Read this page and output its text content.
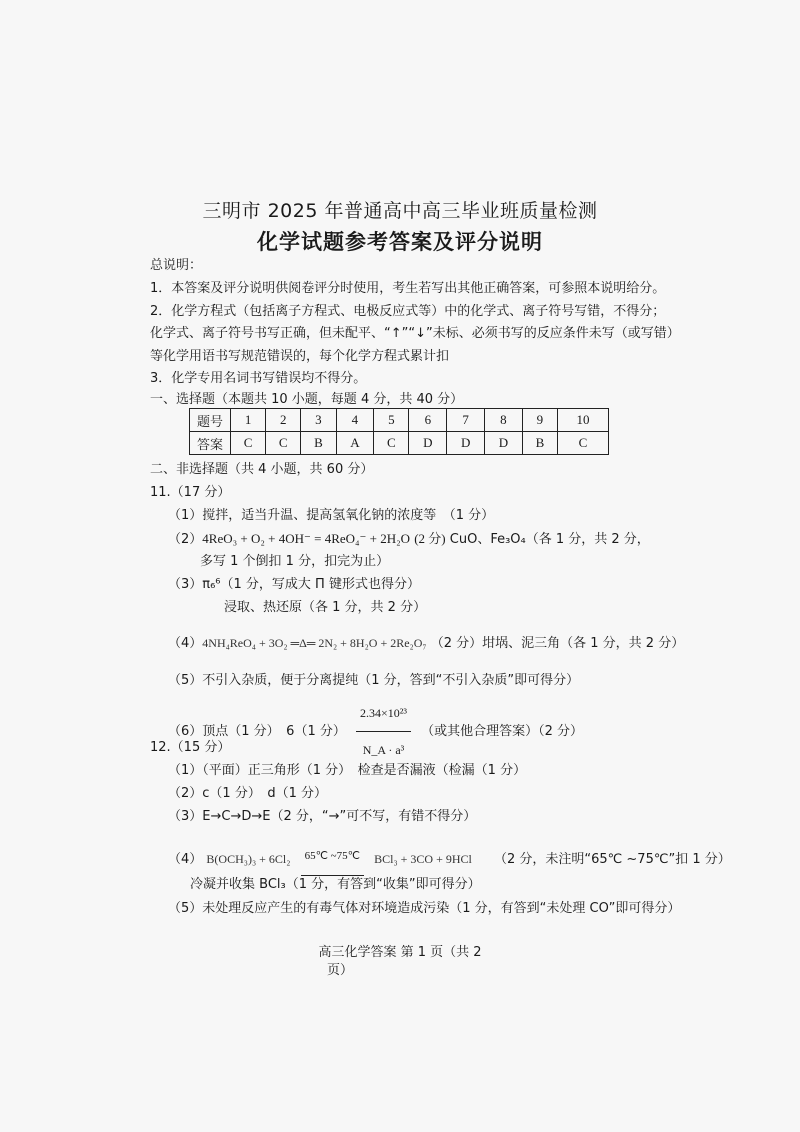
三明市 2025 年普通高中高三毕业班质量检测
化学试题参考答案及评分说明
总说明：
1．本答案及评分说明供阅卷评分时使用，考生若写出其他正确答案，可参照本说明给分。
2．化学方程式（包括离子方程式、电极反应式等）中的化学式、离子符号写错，不得分；
化学式、离子符号书写正确，但未配平、“↑”“↓”未标、必须书写的反应条件未写（或写错）
等化学用语书写规范错误的，每个化学方程式累计扣
3．化学专用名词书写错误均不得分。
一、选择题（本题共 10 小题，每题 4 分，共 40 分）
题号	1	2	3	4	5	6	7	8	9	10
答案	C	C	B	A	C	D	D	D	B	C
二、非选择题（共 4 小题，共 60 分）
11.（17 分）
（1）搅拌，适当升温、提高氢氧化钠的浓度等　（1 分）
（2）4ReO₃ + O₂ + 4OH⁻ = 4ReO₄⁻ + 2H₂O (2 分) CuO、Fe₃O₄（各 1 分，共 2 分，
多写 1 个倒扣 1 分，扣完为止）
（3）π₆⁶（1 分，写成大 Π 键形式也得分）
浸取、热还原（各 1 分，共 2 分）
（4）4NH₄ReO₄ + 3O₂ ═Δ═ 2N₂ + 8H₂O + 2Re₂O₇ （2 分）坩埚、泥三角（各 1 分，共 2 分）
（5）不引入杂质，便于分离提纯（1 分，答到“不引入杂质”即可得分）
（6）顶点（1 分）　6（1 分） $\frac{\text{2.34×10²³}}{\text{N\_A · a³}}$ （或其他合理答案）（2 分）
12.（15 分）
（1）（平面）正三角形（1 分）　检查是否漏液（检漏（1 分）
（2）c（1 分）　d（1 分）
（3）E→C→D→E（2 分，“→”可不写，有错不得分）
（4） B(OCH₃)₃ + 6Cl₂	65℃ ~75℃	BCl₃ + 3CO + 9HCl （2 分，未注明“65℃ ~75℃”扣 1 分）
冷凝并收集 BCl₃（1 分，有答到“收集”即可得分）
（5）未处理反应产生的有毒气体对环境造成污染（1 分，有答到“未处理 CO”即可得分）
高三化学答案 第 1 页（共 2
页）
